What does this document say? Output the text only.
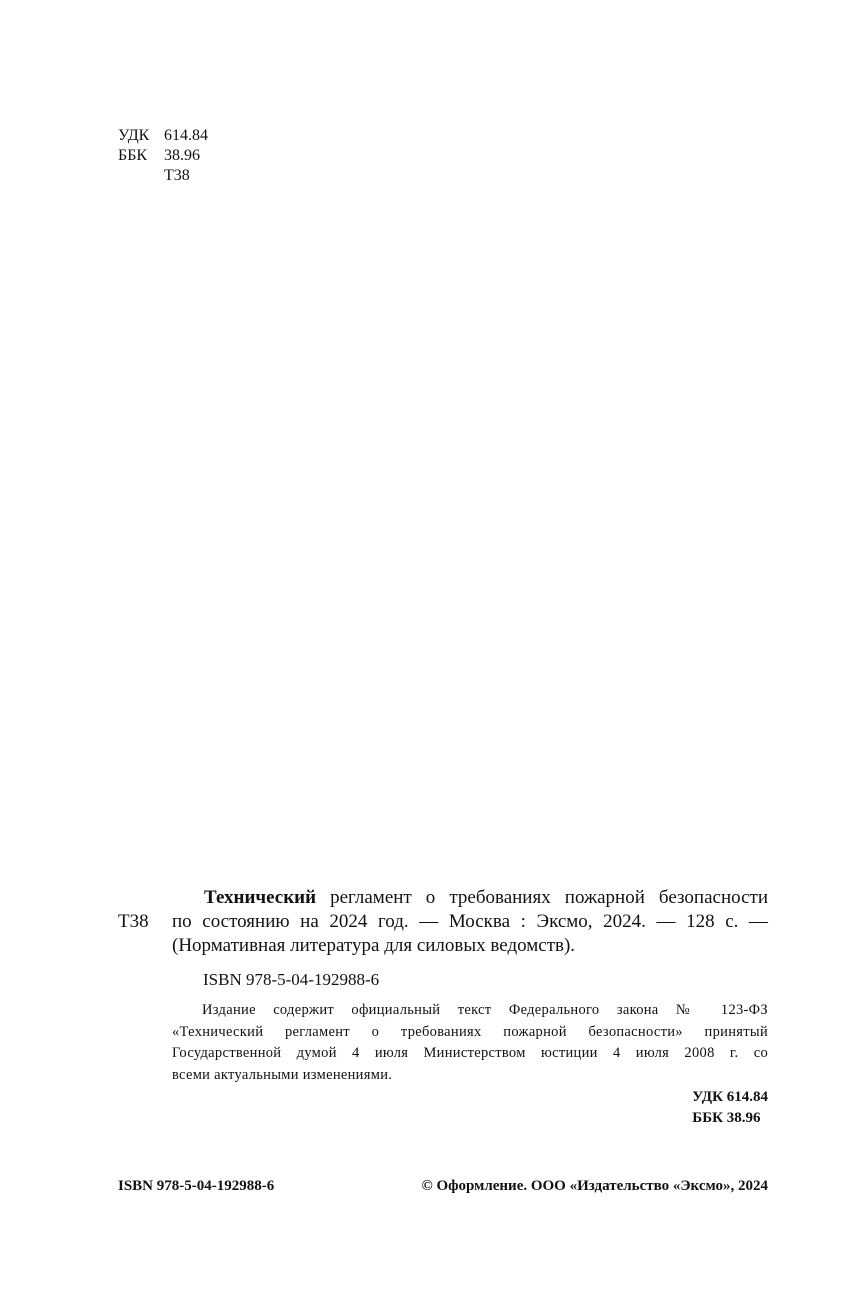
УДК 614.84
ББК	38.96
Т38
Т38
Технический регламент о требованиях пожарной безопасности
по состоянию на 2024 год. — Москва : Эксмо, 2024. — 128 с. —
(Нормативная литература для силовых ведомств).
ISBN 978-5-04-192988-6
Издание содержит официальный текст Федерального закона № 123-ФЗ
«Технический регламент о требованиях пожарной безопасности» принятый
Государственной думой 4 июля Министерством юстиции 4 июля 2008 г. со
всеми актуальными изменениями.
УДК 614.84
ББК 38.96
ISBN 978-5-04-192988-6	© Оформление. ООО «Издательство «Эксмо», 2024
